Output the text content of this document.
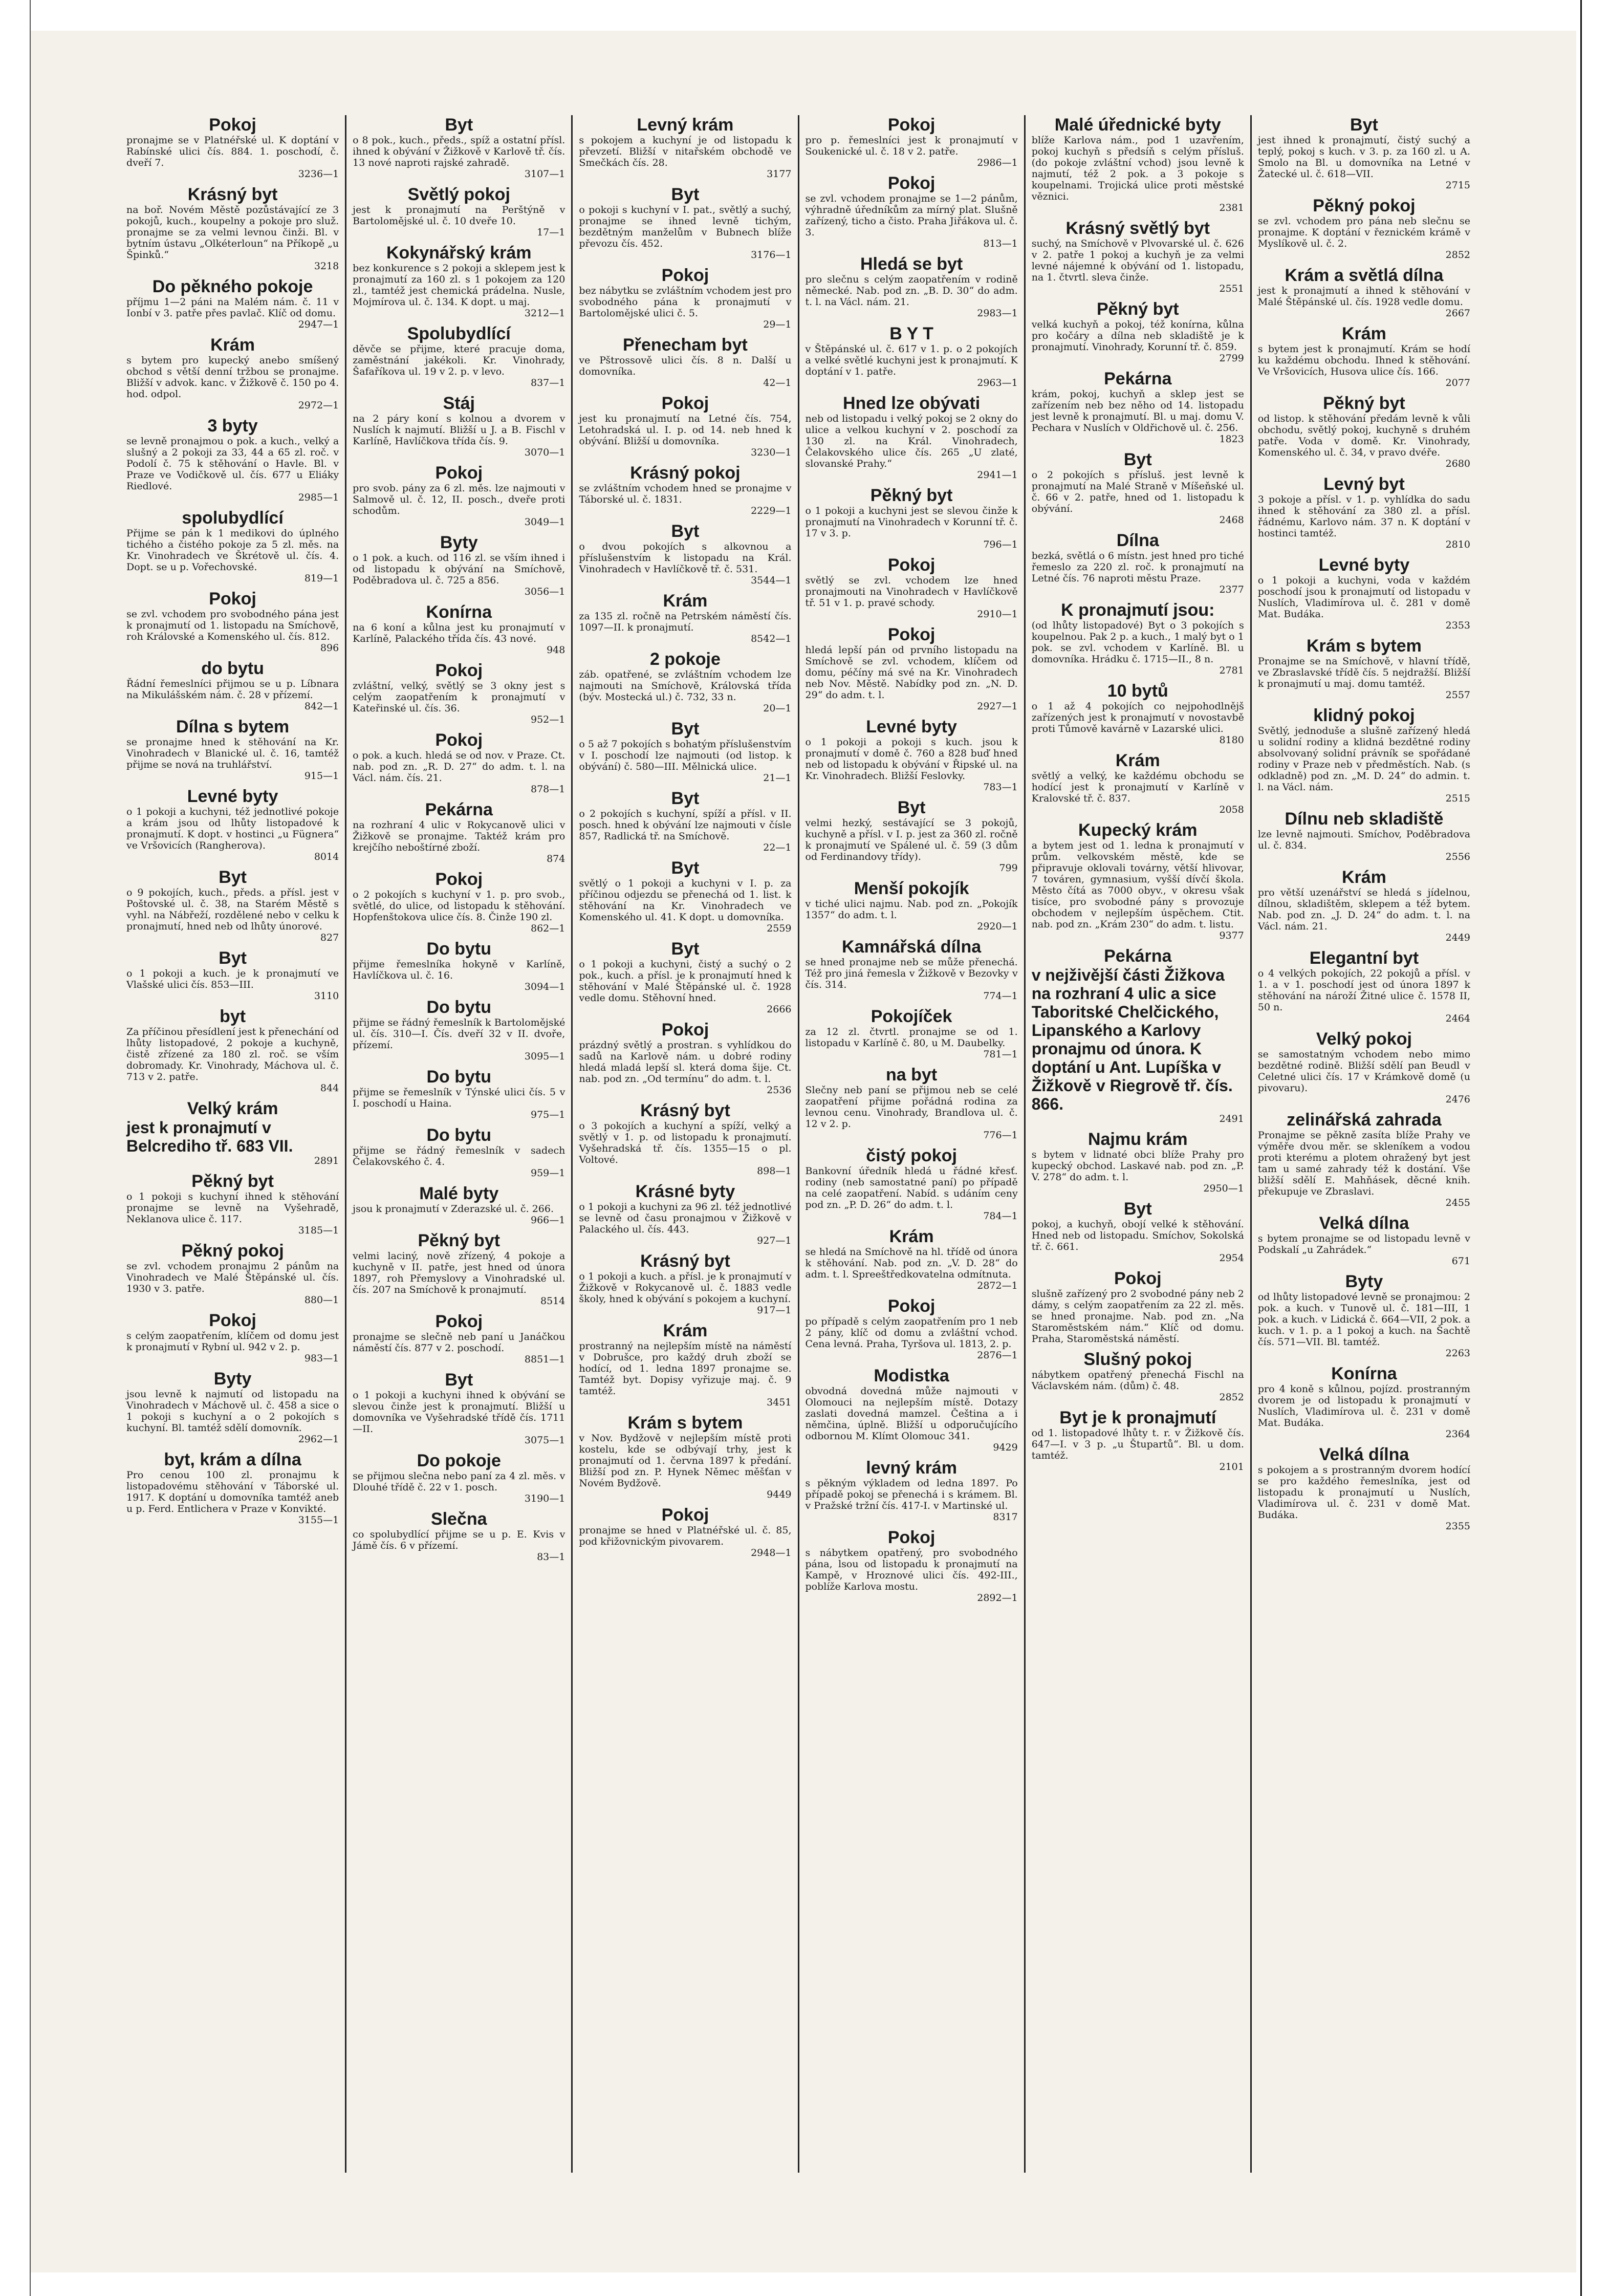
Pokoj

pronajme se v Platnéřské ul. K doptání v Rabínské ulici čís. 884. 1. poschodí, č. dveří 7.

3236—1
Krásný byt

na boř. Novém Městě pozůstávající ze 3 pokojů, kuch., koupelny a pokoje pro služ. pronajme se za velmi levnou činži. Bl. v bytním ústavu „Olkéterloun“ na Příkopě „u Špinků.“

3218
Do pěkného pokoje

příjmu 1—2 páni na Malém nám. č. 11 v Ionbí v 3. patře přes pavlač. Klíč od domu.

2947—1
Krám

s bytem pro kupecký anebo smíšený obchod s větší denní tržbou se pronajme. Bližší v advok. kanc. v Žižkově č. 150 po 4. hod. odpol.

2972—1
3 byty

se levně pronajmou o pok. a kuch., velký a slušný a 2 pokoji za 33, 44 a 65 zl. roč. v Podolí č. 75 k stěhování o Havle. Bl. v Praze ve Vodičkově ul. čís. 677 u Eliáky Riedlové.

2985—1
spolubydlící

Přijme se pán k 1 medikovi do úplného tichého a čistého pokoje za 5 zl. měs. na Kr. Vinohradech ve Škrétově ul. čís. 4. Dopt. se u p. Vořechovské.

819—1
Pokoj

se zvl. vchodem pro svobodného pána jest k pronajmutí od 1. listopadu na Smíchově, roh Královské a Komenského ul. čís. 812.

896
do bytu

Řádní řemeslníci přijmou se u p. Líbnara na Mikulášském nám. č. 28 v přízemí.

842—1
Dílna s bytem

se pronajme hned k stěhování na Kr. Vinohradech v Blanické ul. č. 16, tamtéž přijme se nová na truhlářství.

915—1
Levné byty

o 1 pokoji a kuchyni, též jednotlivé pokoje a krám jsou od lhůty listopadové k pronajmutí. K dopt. v hostinci „u Fügnera“ ve Vršovicích (Rangherova).

8014
Byt

o 9 pokojích, kuch., předs. a přísl. jest v Poštovské ul. č. 38, na Starém Městě s vyhl. na Nábřeží, rozdělené nebo v celku k pronajmutí, hned neb od lhůty únorové.

827
Byt

o 1 pokoji a kuch. je k pronajmutí ve Vlašské ulici čís. 853—III.

3110
byt

Za příčinou přesídlení jest k přenechání od lhůty listopadové, 2 pokoje a kuchyně, čistě zřízené za 180 zl. roč. se vším dobromady. Kr. Vinohrady, Máchova ul. č. 713 v 2. patře.

844
Velký krám

jest k pronajmutí v Belcrediho tř. 683 VII.

2891
Pěkný byt

o 1 pokoji s kuchyní ihned k stěhování pronajme se levně na Vyšehradě, Neklanova ulice č. 117.

3185—1
Pěkný pokoj

se zvl. vchodem pronajmu 2 pánům na Vinohradech ve Malé Štěpánské ul. čís. 1930 v 3. patře.

880—1
Pokoj

s celým zaopatřením, klíčem od domu jest k pronajmutí v Rybní ul. 942 v 2. p.

983—1
Byty

jsou levně k najmutí od listopadu na Vinohradech v Máchově ul. č. 458 a sice o 1 pokoji s kuchyní a o 2 pokojích s kuchyní. Bl. tamtéž sdělí domovník.

2962—1
byt, krám a dílna

Pro cenou 100 zl. pronajmu k listopadovému stěhování v Táborské ul. 1917. K doptání u domovníka tamtéž aneb u p. Ferd. Entlichera v Praze v Konvikté.

3155—1
Byt

o 8 pok., kuch., předs., spíž a ostatní přísl. ihned k obývání v Žižkově v Karlově tř. čís. 13 nové naproti rajské zahradě.

3107—1
Světlý pokoj

jest k pronajmutí na Perštýně v Bartolomějské ul. č. 10 dveře 10.

17—1
Kokynářský krám

bez konkurence s 2 pokoji a sklepem jest k pronajmutí za 160 zl. s 1 pokojem za 120 zl., tamtéž jest chemická prádelna. Nusle, Mojmírova ul. č. 134. K dopt. u maj.

3212—1
Spolubydlící

děvče se přijme, které pracuje doma, zaměstnání jakékoli. Kr. Vinohrady, Šafaříkova ul. 19 v 2. p. v levo.

837—1
Stáj

na 2 páry koní s kolnou a dvorem v Nuslích k najmutí. Bližší u J. a B. Fischl v Karlíně, Havlíčkova třída čís. 9.

3070—1
Pokoj

pro svob. pány za 6 zl. měs. lze najmouti v Salmově ul. č. 12, II. posch., dveře proti schodům.

3049—1
Byty

o 1 pok. a kuch. od 116 zl. se vším ihned i od listopadu k obývání na Smíchově, Poděbradova ul. č. 725 a 856.

3056—1
Konírna

na 6 koní a kůlna jest ku pronajmutí v Karlíně, Palackého třída čís. 43 nové.

948
Pokoj

zvláštní, velký, světlý se 3 okny jest s celým zaopatřením k pronajmutí v Kateřinské ul. čís. 36.

952—1
Pokoj

o pok. a kuch. hledá se od nov. v Praze. Ct. nab. pod zn. „R. D. 27“ do adm. t. l. na Václ. nám. čís. 21.

878—1
Pekárna

na rozhraní 4 ulic v Rokycanově ulici v Žižkově se pronajme. Taktéž krám pro krejčího neboštírné zboží.

874
Pokoj

o 2 pokojích s kuchyní v 1. p. pro svob., světlé, do ulice, od listopadu k stěhování. Hopfenštokova ulice čís. 8. Činže 190 zl.

862—1
Do bytu

přijme řemeslníka hokyně v Karlíně, Havlíčkova ul. č. 16.

3094—1
Do bytu

přijme se řádný řemeslník k Bartolomějské ul. čís. 310—I. Čís. dveří 32 v II. dvoře, přízemí.

3095—1
Do bytu

přijme se řemeslník v Týnské ulici čís. 5 v I. poschodí u Haina.

975—1
Do bytu

přijme se řádný řemeslník v sadech Čelakovského č. 4.

959—1
Malé byty

jsou k pronajmutí v Zderazské ul. č. 266.

966—1
Pěkný byt

velmi laciný, nově zřízený, 4 pokoje a kuchyně v II. patře, jest hned od února 1897, roh Přemyslovy a Vinohradské ul. čís. 207 na Smíchově k pronajmutí.

8514
Pokoj

pronajme se slečně neb paní u Janáčkou náměstí čís. 877 v 2. poschodí.

8851—1
Byt

o 1 pokoji a kuchyni ihned k obývání se slevou činže jest k pronajmutí. Bližší u domovníka ve Vyšehradské třídě čís. 1711—II.

3075—1
Do pokoje

se přijmou slečna nebo paní za 4 zl. měs. v Dlouhé třídě č. 22 v 1. posch.

3190—1
Slečna

co spolubydlící přijme se u p. E. Kvis v Jámě čís. 6 v přízemí.

83—1
Levný krám

s pokojem a kuchyní je od listopadu k převzetí. Bližší v nitařském obchodě ve Smečkách čís. 28.

3177
Byt

o pokoji s kuchyní v I. pat., světlý a suchý, pronajme se ihned levně tichým, bezdětným manželům v Bubnech blíže převozu čís. 452.

3176—1
Pokoj

bez nábytku se zvláštním vchodem jest pro svobodného pána k pronajmutí v Bartolomějské ulici č. 5.

29—1
Přenecham byt

ve Pštrossově ulici čís. 8 n. Další u domovníka.

42—1
Pokoj

jest ku pronajmutí na Letné čís. 754, Letohradská ul. I. p. od 14. neb hned k obývání. Bližší u domovníka.

3230—1
Krásný pokoj

se zvláštním vchodem hned se pronajme v Táborské ul. č. 1831.

2229—1
Byt

o dvou pokojích s alkovnou a příslušenstvím k listopadu na Král. Vinohradech v Havlíčkově tř. č. 531.

3544—1
Krám

za 135 zl. ročně na Petrském náměstí čís. 1097—II. k pronajmutí.

8542—1
2 pokoje

záb. opatřené, se zvláštním vchodem lze najmouti na Smíchově, Královská třída (býv. Mostecká ul.) č. 732, 33 n.

20—1
Byt

o 5 až 7 pokojích s bohatým příslušenstvím v I. poschodí lze najmouti (od listop. k obývání) č. 580—III. Mělnická ulice.

21—1
Byt

o 2 pokojích s kuchyní, spíží a přísl. v II. posch. hned k obývání lze najmouti v čísle 857, Radlická tř. na Smíchově.

22—1
Byt

světlý o 1 pokoji a kuchyni v I. p. za příčinou odjezdu se přenechá od 1. list. k stěhování na Kr. Vinohradech ve Komenského ul. 41. K dopt. u domovníka.

2559
Byt

o 1 pokoji a kuchyni, čistý a suchý o 2 pok., kuch. a přísl. je k pronajmutí hned k stěhování v Malé Štěpánské ul. č. 1928 vedle domu. Stěhovní hned.

2666
Pokoj

prázdný světlý a prostran. s vyhlídkou do sadů na Karlově nám. u dobré rodiny hledá mladá lepší sl. která doma šije. Ct. nab. pod zn. „Od termínu“ do adm. t. l.

2536
Krásný byt

o 3 pokojích a kuchyní a spíží, velký a světlý v 1. p. od listopadu k pronajmutí. Vyšehradská tř. čís. 1355—15 o pl. Voltové.

898—1
Krásné byty

o 1 pokoji a kuchyni za 96 zl. též jednotlivé se levně od času pronajmou v Žižkově v Palackého ul. čís. 443.

927—1
Krásný byt

o 1 pokoji a kuch. a přísl. je k pronajmutí v Žižkově v Rokycanově ul. č. 1883 vedle školy, hned k obývání s pokojem a kuchyní.

917—1
Krám

prostranný na nejlepším místě na náměstí v Dobrušce, pro každý druh zboží se hodící, od 1. ledna 1897 pronajme se. Tamtéž byt. Dopisy vyřizuje maj. č. 9 tamtéž.

3451
Krám s bytem

v Nov. Bydžově v nejlepším místě proti kostelu, kde se odbývají trhy, jest k pronajmutí od 1. června 1897 k předání. Bližší pod zn. P. Hynek Němec měšťan v Novém Bydžově.

9449
Pokoj

pronajme se hned v Platnéřské ul. č. 85, pod křižovnickým pivovarem.

2948—1
Pokoj

pro p. řemeslníci jest k pronajmutí v Soukenické ul. č. 18 v 2. patře.

2986—1
Pokoj

se zvl. vchodem pronajme se 1—2 pánům, výhradně úředníkům za mírný plat. Slušně zařízený, ticho a čisto. Praha Jiřákova ul. č. 3.

813—1
Hledá se byt

pro slečnu s celým zaopatřením v rodině německé. Nab. pod zn. „B. D. 30“ do adm. t. l. na Václ. nám. 21.

2983—1
B Y T

v Štěpánské ul. č. 617 v 1. p. o 2 pokojích a velké světlé kuchyni jest k pronajmutí. K doptání v 1. patře.

2963—1
Hned lze obývati

neb od listopadu i velký pokoj se 2 okny do ulice a velkou kuchyní v 2. poschodí za 130 zl. na Král. Vinohradech, Čelakovského ulice čís. 265 „U zlaté, slovanské Prahy.“

2941—1
Pěkný byt

o 1 pokoji a kuchyni jest se slevou činže k pronajmutí na Vinohradech v Korunní tř. č. 17 v 3. p.

796—1
Pokoj

světlý se zvl. vchodem lze hned pronajmouti na Vinohradech v Havlíčkově tř. 51 v 1. p. pravé schody.

2910—1
Pokoj

hledá lepší pán od prvního listopadu na Smíchově se zvl. vchodem, klíčem od domu, péčíny má své na Kr. Vinohradech neb Nov. Městě. Nabídky pod zn. „N. D. 29“ do adm. t. l.

2927—1
Levné byty

o 1 pokoji a pokoji s kuch. jsou k pronajmutí v domě č. 760 a 828 buď hned neb od listopadu k obývání v Řipské ul. na Kr. Vinohradech. Bližší Feslovky.

783—1
Byt

velmi hezký, sestávající se 3 pokojů, kuchyně a přísl. v I. p. jest za 360 zl. ročně k pronajmutí ve Spálené ul. č. 59 (3 dům od Ferdinandovy třídy).

799
Menší pokojík

v tiché ulici najmu. Nab. pod zn. „Pokojík 1357“ do adm. t. l.

2920—1
Kamnářská dílna

se hned pronajme neb se může přenechá. Též pro jiná řemesla v Žižkově v Bezovky v čís. 314.

774—1
Pokojíček

za 12 zl. čtvrtl. pronajme se od 1. listopadu v Karlíně č. 80, u M. Daubelky.

781—1
na byt

Slečny neb paní se přijmou neb se celé zaopatření přijme pořádná rodina za levnou cenu. Vinohrady, Brandlova ul. č. 12 v 2. p.

776—1
čistý pokoj

Bankovní úředník hledá u řádné křesť. rodiny (neb samostatné paní) po případě na celé zaopatření. Nabíd. s udáním ceny pod zn. „P. D. 26“ do adm. t. l.

784—1
Krám

se hledá na Smíchově na hl. třídě od února k stěhování. Nab. pod zn. „V. D. 28“ do adm. t. l. Spreeštředkovatelna odmítnuta.

2872—1
Pokoj

po případě s celým zaopatřením pro 1 neb 2 pány, klíč od domu a zvláštní vchod. Cena levná. Praha, Tyršova ul. 1813, 2. p.

2876—1
Modistka

obvodná dovedná může najmouti v Olomouci na nejlepším místě. Dotazy zaslati dovedná mamzel. Čeština a i němčina, úplně. Bližší u odporučujícího odbornou M. Klímt Olomouc 341.

9429
levný krám

s pěkným výkladem od ledna 1897. Po případě pokoj se přenechá i s krámem. Bl. v Pražské tržní čís. 417-I. v Martinské ul.

8317
Pokoj

s nábytkem opatřený, pro svobodného pána, lsou od listopadu k pronajmutí na Kampě, v Hroznové ulici čís. 492-III., poblíže Karlova mostu.

2892—1
Malé úřednické byty

blíže Karlova nám., pod 1 uzavřením, pokoj kuchyň s předsíň s celým přísluš. (do pokoje zvláštní vchod) jsou levně k najmutí, též 2 pok. a 3 pokoje s koupelnami. Trojická ulice proti městské věznici.

2381
Krásný světlý byt

suchý, na Smíchově v Plvovarské ul. č. 626 v 2. patře 1 pokoj a kuchyň je za velmi levné nájemné k obývání od 1. listopadu, na 1. čtvrtl. sleva činže.

2551
Pěkný byt

velká kuchyň a pokoj, též konírna, kůlna pro kočáry a dílna neb skladiště je k pronajmutí. Vinohrady, Korunní tř. č. 859.

2799
Pekárna

krám, pokoj, kuchyň a sklep jest se zařízením neb bez něho od 14. listopadu jest levně k pronajmutí. Bl. u maj. domu V. Pechara v Nuslích v Oldřichově ul. č. 256.

1823
Byt

o 2 pokojích s přísluš. jest levně k pronajmutí na Malé Straně v Míšeňské ul. č. 66 v 2. patře, hned od 1. listopadu k obývání.

2468
Dílna

bezká, světlá o 6 místn. jest hned pro tiché řemeslo za 220 zl. roč. k pronajmutí na Letné čís. 76 naproti městu Praze.

2377
K pronajmutí jsou:

(od lhůty listopadové) Byt o 3 pokojích s koupelnou. Pak 2 p. a kuch., 1 malý byt o 1 pok. se zvl. vchodem v Karlíně. Bl. u domovníka. Hrádku č. 1715—II., 8 n.

2781
10 bytů

o 1 až 4 pokojích co nejpohodlnějš zařízených jest k pronajmutí v novostavbě proti Tůmově kavárně v Lazarské ulici.

8180
Krám

světlý a velký, ke každému obchodu se hodící jest k pronajmutí v Karlíně v Kralovské tř. č. 837.

2058
Kupecký krám

a bytem jest od 1. ledna k pronajmutí v prům. velkovském městě, kde se připravuje oklovali továrny, větší hlivovar, 7 továren, gymnasium, vyšší dívčí škola. Město čítá as 7000 obyv., v okresu však tisíce, pro svobodné pány s provozuje obchodem v nejlepším úspěchem. Ctit. nab. pod zn. „Krám 230“ do adm. t. listu.

9377
Pekárna

v nejživější části Žižkova na rozhraní 4 ulic a sice Taboritské Chelčického, Lipanského a Karlovy pronajmu od února. K doptání u Ant. Lupíška v Žižkově v Riegrově tř. čís. 866.

2491
Najmu krám

s bytem v lidnaté obci blíže Prahy pro kupecký obchod. Laskavé nab. pod zn. „P. V. 278“ do adm. t. l.

2950—1
Byt

pokoj, a kuchyň, obojí velké k stěhování. Hned neb od listopadu. Smíchov, Sokolská tř. č. 661.

2954
Pokoj

slušně zařízený pro 2 svobodné pány neb 2 dámy, s celým zaopatřením za 22 zl. měs. se hned pronajme. Nab. pod zn. „Na Staroměstském nám.“ Klíč od domu. Praha, Staroměstská náměstí.

Slušný pokoj

nábytkem opatřený přenechá Fischl na Václavském nám. (dům) č. 48.

2852
Byt je k pronajmutí

od 1. listopadové lhůty t. r. v Žižkově čís. 647—I. v 3 p. „u Štupartů“. Bl. u dom. tamtéž.

2101
Byt

jest ihned k pronajmutí, čistý suchý a teplý, pokoj s kuch. v 3. p. za 160 zl. u A. Smolo na Bl. u domovníka na Letné v Žatecké ul. č. 618—VII.

2715
Pěkný pokoj

se zvl. vchodem pro pána neb slečnu se pronajme. K doptání v řeznickém krámě v Myslíkově ul. č. 2.

2852
Krám a světlá dílna

jest k pronajmutí a ihned k stěhování v Malé Štěpánské ul. čís. 1928 vedle domu.

2667
Krám

s bytem jest k pronajmutí. Krám se hodí ku každému obchodu. Ihned k stěhování. Ve Vršovicích, Husova ulice čís. 166.

2077
Pěkný byt

od listop. k stěhování předám levně k vůli obchodu, světlý pokoj, kuchyně s druhém patře. Voda v domě. Kr. Vinohrady, Komenského ul. č. 34, v pravo dvéře.

2680
Levný byt

3 pokoje a přísl. v 1. p. vyhlídka do sadu ihned k stěhování za 380 zl. a přísl. řádnému, Karlovo nám. 37 n. K doptání v hostinci tamtéž.

2810
Levné byty

o 1 pokoji a kuchyni, voda v každém poschodí jsou k pronajmutí od listopadu v Nuslích, Vladimírova ul. č. 281 v domě Mat. Budáka.

2353
Krám s bytem

Pronajme se na Smíchově, v hlavní třídě, ve Zbraslavské třídě čís. 5 nejdražší. Bližší k pronajmutí u maj. domu tamtéž.

2557
klidný pokoj

Světlý, jednoduše a slušně zařízený hledá u solidní rodiny a klidná bezdětné rodiny absolvovaný solidní právník se spořádané rodiny v Praze neb v předměstích. Nab. (s odkladně) pod zn. „M. D. 24“ do admin. t. l. na Václ. nám.

2515
Dílnu neb skladiště

lze levně najmouti. Smíchov, Poděbradova ul. č. 834.

2556
Krám

pro větší uzenářství se hledá s jídelnou, dílnou, skladištěm, sklepem a též bytem. Nab. pod zn. „J. D. 24“ do adm. t. l. na Václ. nám. 21.

2449
Elegantní byt

o 4 velkých pokojích, 22 pokojů a přísl. v 1. a v 1. poschodí jest od února 1897 k stěhování na nároží Žitné ulice č. 1578 II, 50 n.

2464
Velký pokoj

se samostatným vchodem nebo mimo bezdětné rodině. Bližší sdělí pan Beudl v Celetné ulici čís. 17 v Krámkově domě (u pivovaru).

2476
zelinářská zahrada

Pronajme se pěkně zasíta blíže Prahy ve výměře dvou měr. se skleníkem a vodou proti kterému a plotem ohražený byt jest tam u samé zahrady též k dostání. Vše bližší sdělí E. Mahňásek, děcné knih. překupuje ve Zbraslavi.

2455
Velká dílna

s bytem pronajme se od listopadu levně v Podskalí „u Zahrádek.“

671
Byty

od lhůty listopadové levně se pronajmou: 2 pok. a kuch. v Tunově ul. č. 181—III, 1 pok. a kuch. v Lidická č. 664—VII, 2 pok. a kuch. v 1. p. a 1 pokoj a kuch. na Šachtě čís. 571—VII. Bl. tamtéž.

2263
Konírna

pro 4 koně s kůlnou, pojízd. prostranným dvorem je od listopadu k pronajmutí v Nuslích, Vladimírova ul. č. 231 v domě Mat. Budáka.

2364
Velká dílna

s pokojem a s prostranným dvorem hodící se pro každého řemeslníka, jest od listopadu k pronajmutí u Nuslích, Vladimírova ul. č. 231 v domě Mat. Budáka.

2355
